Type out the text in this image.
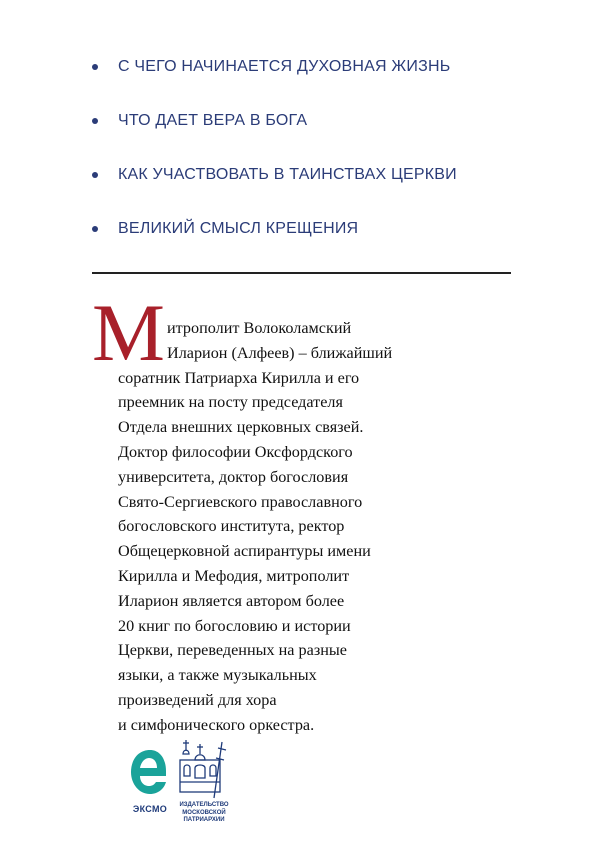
С ЧЕГО НАЧИНАЕТСЯ ДУХОВНАЯ ЖИЗНЬ
ЧТО ДАЕТ ВЕРА В БОГА
КАК УЧАСТВОВАТЬ В ТАИНСТВАХ ЦЕРКВИ
ВЕЛИКИЙ СМЫСЛ КРЕЩЕНИЯ
М итрополит Волоколамский
Иларион (Алфеев) – ближайший
соратник Патриарха Кирилла и его
преемник на посту председателя
Отдела внешних церковных связей.
Доктор философии Оксфордского
университета, доктор богословия
Свято-Сергиевского православного
богословского института, ректор
Общецерковной аспирантуры имени
Кирилла и Мефодия, митрополит
Иларион является автором более
20 книг по богословию и истории
Церкви, переведенных на разные
языки, а также музыкальных
произведений для хора
и симфонического оркестра.
ЭКСМО	ИЗДАТЕЛЬСТВО
МОСКОВСКОЙ
ПАТРИАРХИИ
